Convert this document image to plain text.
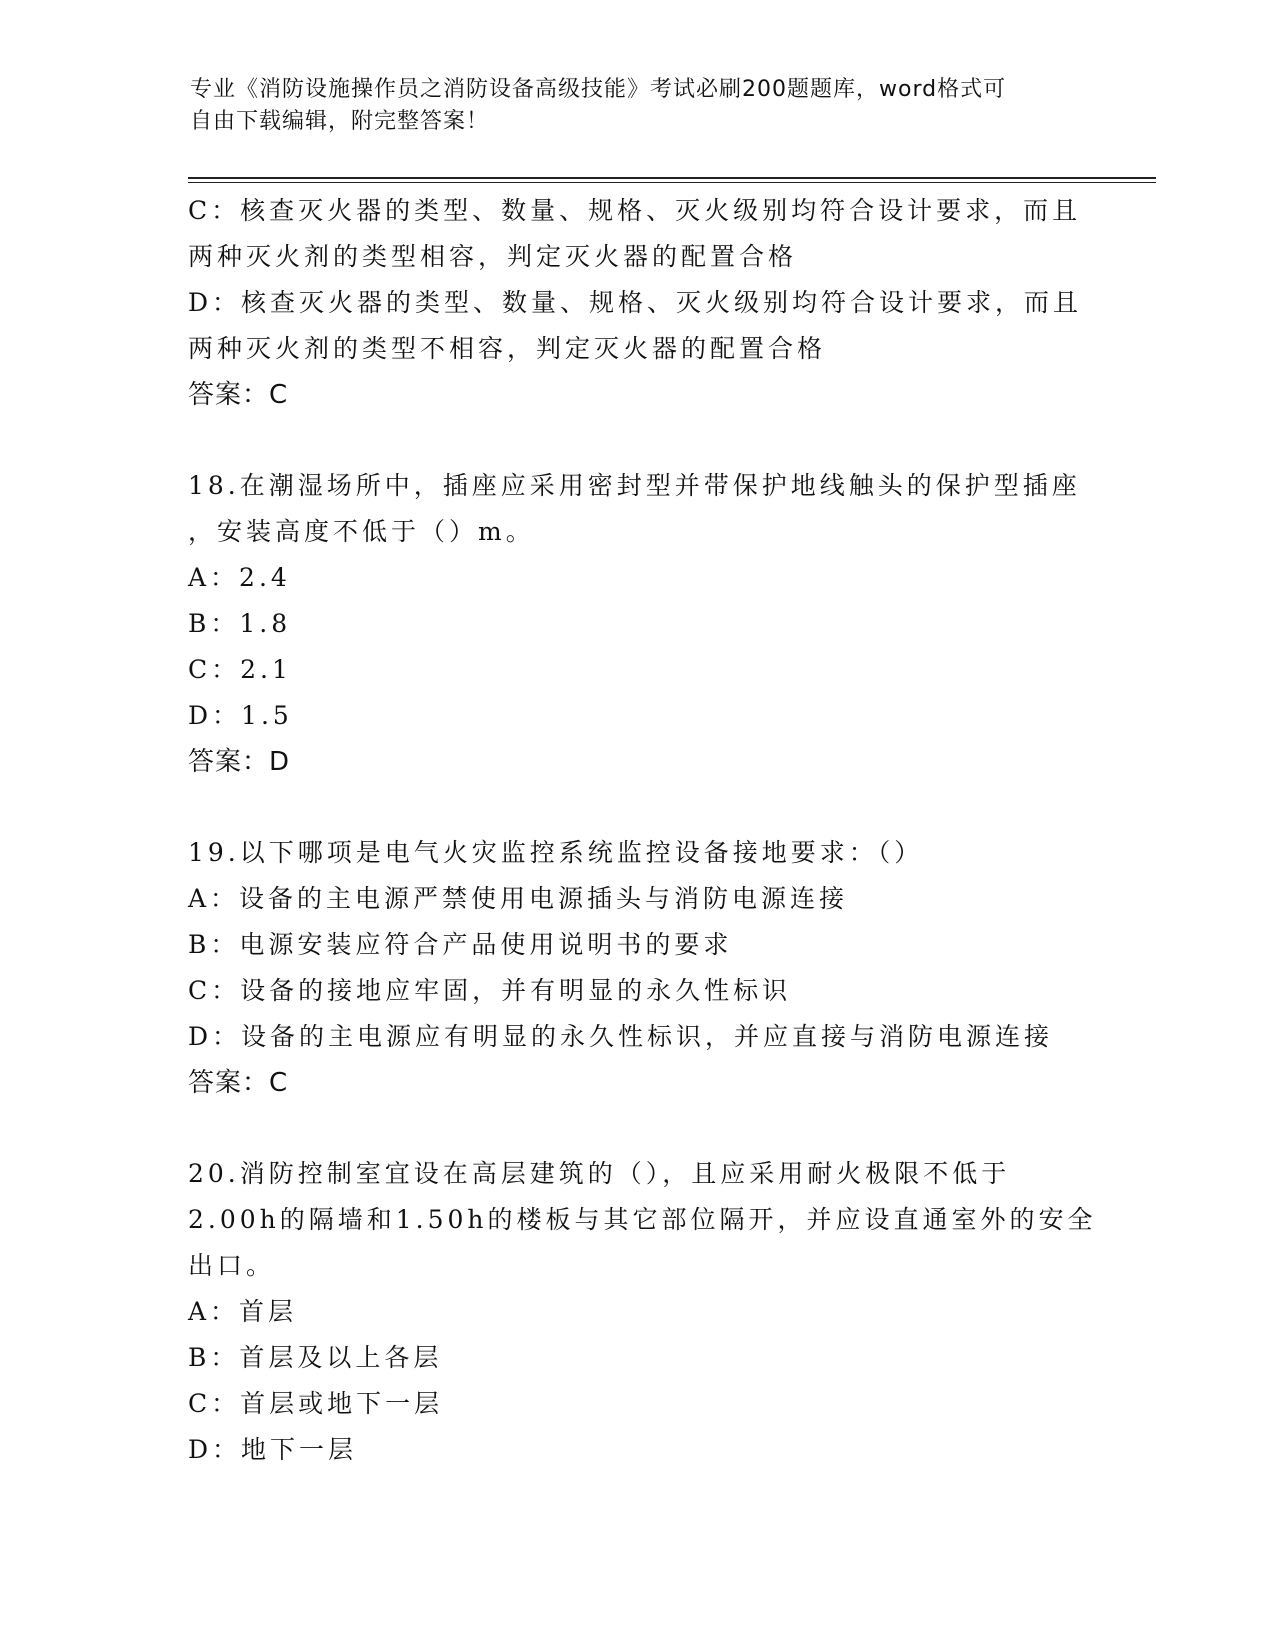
专业《消防设施操作员之消防设备高级技能》考试必刷200题题库，word格式可
自由下载编辑，附完整答案！
C：核查灭火器的类型、数量、规格、灭火级别均符合设计要求，而且
两种灭火剂的类型相容，判定灭火器的配置合格
D：核查灭火器的类型、数量、规格、灭火级别均符合设计要求，而且
两种灭火剂的类型不相容，判定灭火器的配置合格
答案：C
18.在潮湿场所中，插座应采用密封型并带保护地线触头的保护型插座
，安装高度不低于（）m。
A：2.4
B：1.8
C：2.1
D：1.5
答案：D
19.以下哪项是电气火灾监控系统监控设备接地要求：（）
A：设备的主电源严禁使用电源插头与消防电源连接
B：电源安装应符合产品使用说明书的要求
C：设备的接地应牢固，并有明显的永久性标识
D：设备的主电源应有明显的永久性标识，并应直接与消防电源连接
答案：C
20.消防控制室宜设在高层建筑的（），且应采用耐火极限不低于
2.00h的隔墙和1.50h的楼板与其它部位隔开，并应设直通室外的安全
出口。
A：首层
B：首层及以上各层
C：首层或地下一层
D：地下一层
